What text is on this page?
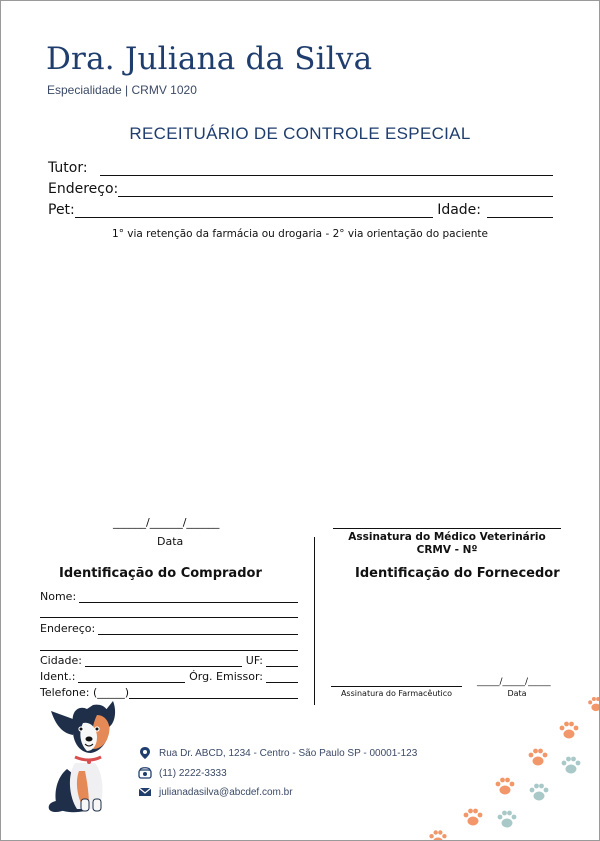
Dra. Juliana da Silva
Especialidade | CRMV 1020
RECEITUÁRIO DE CONTROLE ESPECIAL
Tutor:
Endereço:
Pet:	Idade:
1° via retenção da farmácia ou drogaria - 2° via orientação do paciente
______/______/______
Data	Assinatura do Médico Veterinário
CRMV - Nº
Identificação do Comprador
Nome:
Endereço:
Cidade:	UF:
Ident.:	Órg. Emissor:
Telefone: (_____)
Identificação do Fornecedor
Assinatura do Farmacêutico
_____/_____/_____
Data
Rua Dr. ABCD, 1234 - Centro - São Paulo SP - 00001-123
(11) 2222-3333
julianadasilva@abcdef.com.br
